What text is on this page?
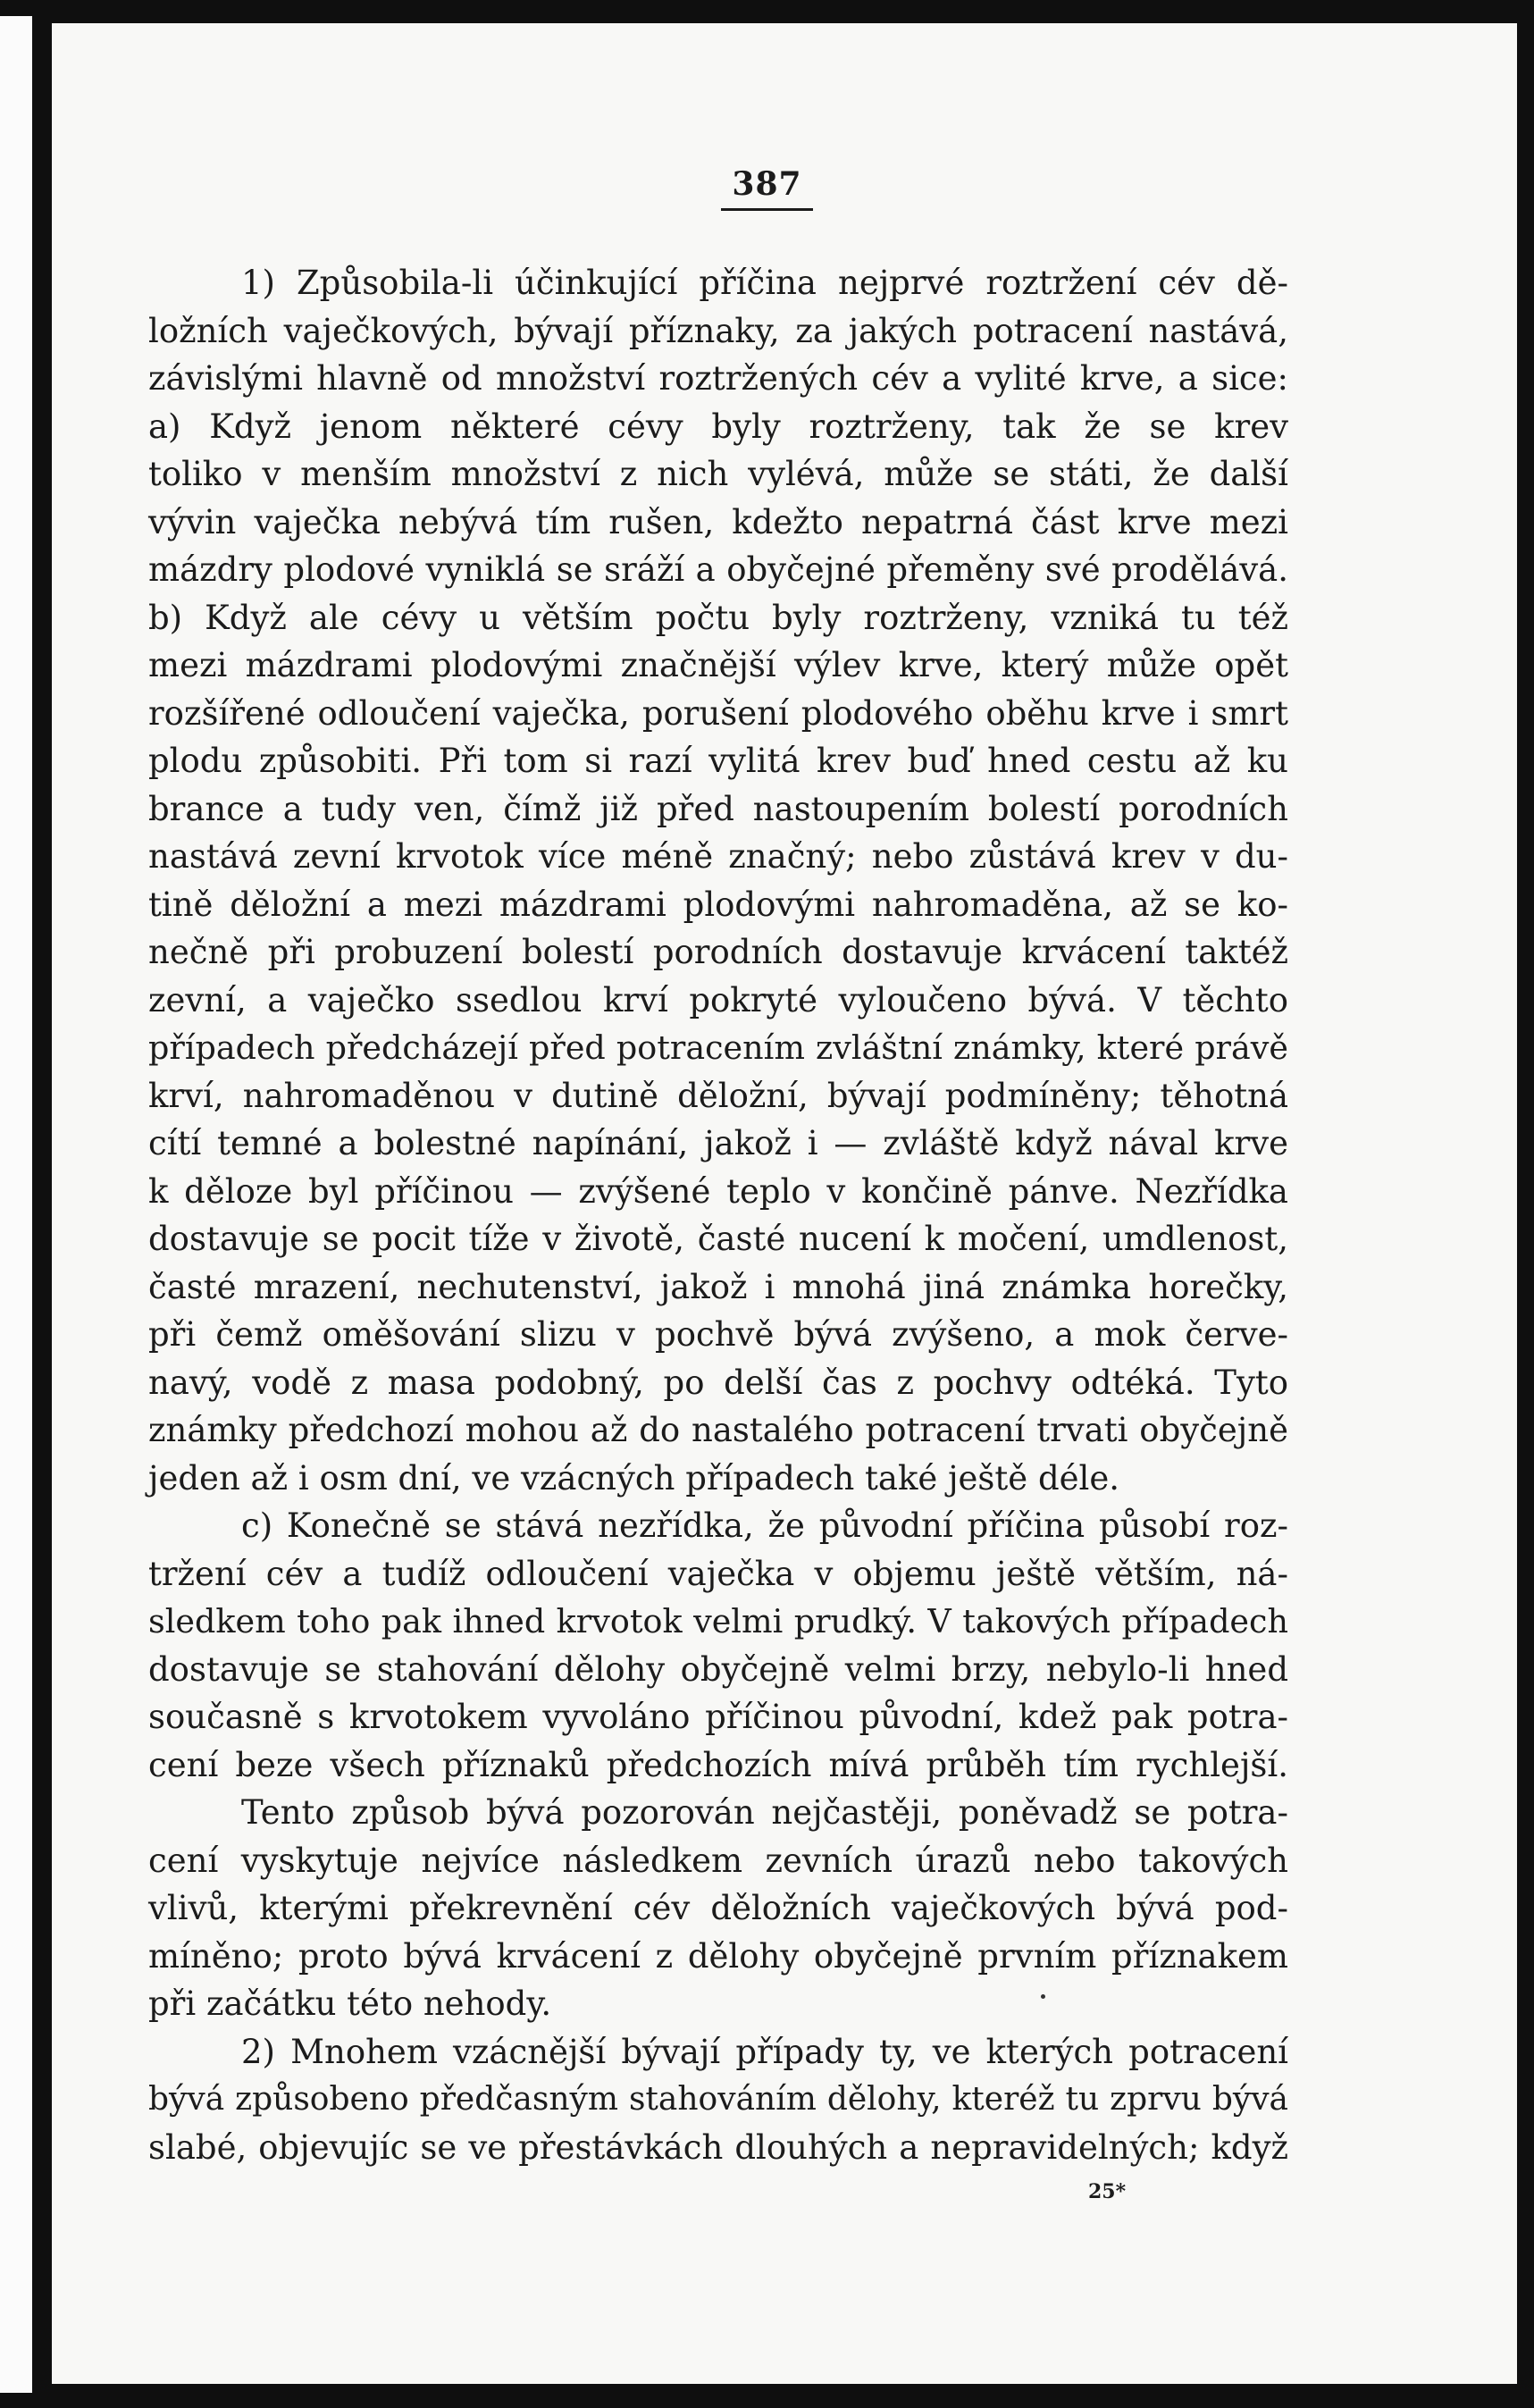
387
1) Způsobila-li účinkující příčina nejprvé roztržení cév dě-
ložních vaječkových, bývají příznaky, za jakých potracení nastává,
závislými hlavně od množství roztržených cév a vylité krve, a sice:
a) Když jenom některé cévy byly roztrženy, tak že se krev
toliko v menším množství z nich vylévá, může se státi, že další
vývin vaječka nebývá tím rušen, kdežto nepatrná část krve mezi
mázdry plodové vyniklá se sráží a obyčejné přeměny své prodělává.
b) Když ale cévy u větším počtu byly roztrženy, vzniká tu též
mezi mázdrami plodovými značnější výlev krve, který může opět
rozšířené odloučení vaječka, porušení plodového oběhu krve i smrt
plodu způsobiti. Při tom si razí vylitá krev buď hned cestu až ku
brance a tudy ven, čímž již před nastoupením bolestí porodních
nastává zevní krvotok více méně značný; nebo zůstává krev v du-
tině děložní a mezi mázdrami plodovými nahromaděna, až se ko-
nečně při probuzení bolestí porodních dostavuje krvácení taktéž
zevní, a vaječko ssedlou krví pokryté vyloučeno bývá. V těchto
případech předcházejí před potracením zvláštní známky, které právě
krví, nahromaděnou v dutině děložní, bývají podmíněny; těhotná
cítí temné a bolestné napínání, jakož i — zvláště když nával krve
k děloze byl příčinou — zvýšené teplo v končině pánve. Nezřídka
dostavuje se pocit tíže v životě, časté nucení k močení, umdlenost,
časté mrazení, nechutenství, jakož i mnohá jiná známka horečky,
při čemž oměšování slizu v pochvě bývá zvýšeno, a mok červe-
navý, vodě z masa podobný, po delší čas z pochvy odtéká. Tyto
známky předchozí mohou až do nastalého potracení trvati obyčejně
jeden až i osm dní, ve vzácných případech také ještě déle.
c) Konečně se stává nezřídka, že původní příčina působí roz-
tržení cév a tudíž odloučení vaječka v objemu ještě větším, ná-
sledkem toho pak ihned krvotok velmi prudký. V takových případech
dostavuje se stahování dělohy obyčejně velmi brzy, nebylo-li hned
současně s krvotokem vyvoláno příčinou původní, kdež pak potra-
cení beze všech příznaků předchozích mívá průběh tím rychlejší.
Tento způsob bývá pozorován nejčastěji, poněvadž se potra-
cení vyskytuje nejvíce následkem zevních úrazů nebo takových
vlivů, kterými překrevnění cév děložních vaječkových bývá pod-
míněno; proto bývá krvácení z dělohy obyčejně prvním příznakem
při začátku této nehody.
2) Mnohem vzácnější bývají případy ty, ve kterých potracení
bývá způsobeno předčasným stahováním dělohy, kteréž tu zprvu bývá
slabé, objevujíc se ve přestávkách dlouhých a nepravidelných; když
25*
